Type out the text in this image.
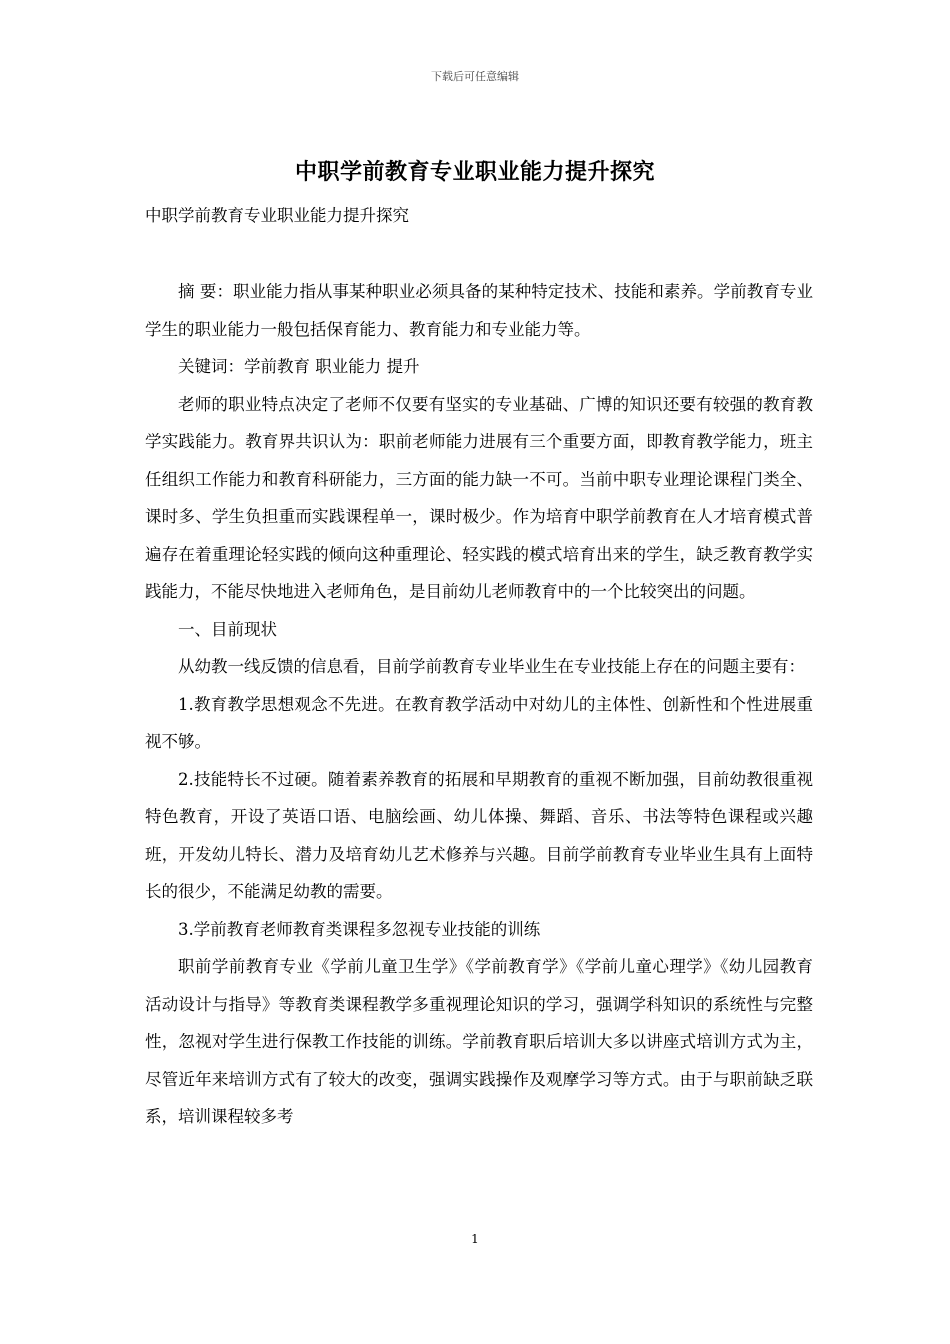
下载后可任意编辑
中职学前教育专业职业能力提升探究
中职学前教育专业职业能力提升探究

摘 要：职业能力指从事某种职业必须具备的某种特定技术、技能和素养。学前教育专业学生的职业能力一般包括保育能力、教育能力和专业能力等。

关键词：学前教育 职业能力 提升

老师的职业特点决定了老师不仅要有坚实的专业基础、广博的知识还要有较强的教育教学实践能力。教育界共识认为：职前老师能力进展有三个重要方面，即教育教学能力，班主任组织工作能力和教育科研能力，三方面的能力缺一不可。当前中职专业理论课程门类全、课时多、学生负担重而实践课程单一，课时极少。作为培育中职学前教育在人才培育模式普遍存在着重理论轻实践的倾向这种重理论、轻实践的模式培育出来的学生，缺乏教育教学实践能力，不能尽快地进入老师角色，是目前幼儿老师教育中的一个比较突出的问题。

一、目前现状

从幼教一线反馈的信息看，目前学前教育专业毕业生在专业技能上存在的问题主要有：

1.教育教学思想观念不先进。在教育教学活动中对幼儿的主体性、创新性和个性进展重视不够。

2.技能特长不过硬。随着素养教育的拓展和早期教育的重视不断加强，目前幼教很重视特色教育，开设了英语口语、电脑绘画、幼儿体操、舞蹈、音乐、书法等特色课程或兴趣班，开发幼儿特长、潜力及培育幼儿艺术修养与兴趣。目前学前教育专业毕业生具有上面特长的很少，不能满足幼教的需要。

3.学前教育老师教育类课程多忽视专业技能的训练

职前学前教育专业《学前儿童卫生学》《学前教育学》《学前儿童心理学》《幼儿园教育活动设计与指导》等教育类课程教学多重视理论知识的学习，强调学科知识的系统性与完整性，忽视对学生进行保教工作技能的训练。学前教育职后培训大多以讲座式培训方式为主，尽管近年来培训方式有了较大的改变，强调实践操作及观摩学习等方式。由于与职前缺乏联系，培训课程较多考

1
